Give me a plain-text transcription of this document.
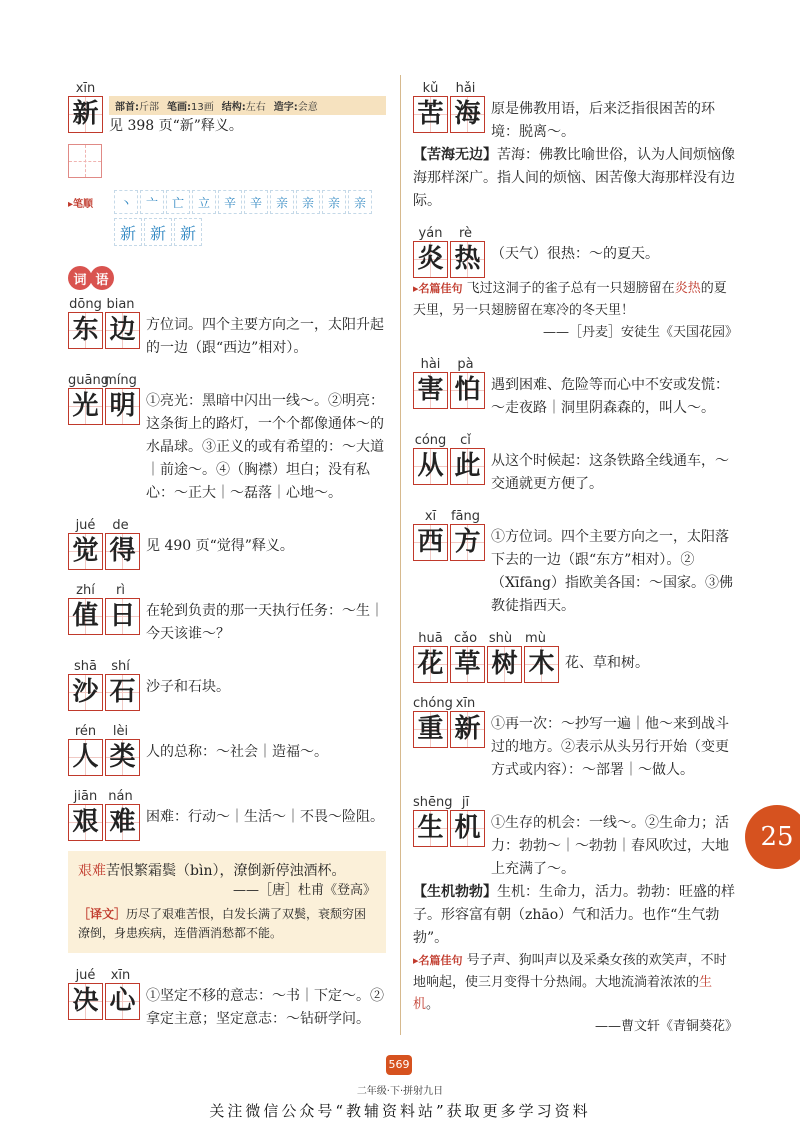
xīn
新	部首:斤部 笔画:13画 结构:左右 造字:会意
见 398 页“新”释义。
▸笔顺	丶	亠	亡	立	辛	辛	亲	亲	亲	亲
新 新 新
词 语
dōng bian
东 边 方位词。四个主要方向之一，太阳升起的一边（跟“西边”相对）。
guāng
míng
光 明 ①亮光：黑暗中闪出一线～。②明亮：这条街上的路灯，一个个都像通体～的水晶球。③正义的或有希望的：～大道｜前途～。④（胸襟）坦白；没有私心：～正大｜～磊落｜心地～。
jué	de
觉 得 见 490 页“觉得”释义。
zhí	rì
值 日 在轮到负责的那一天执行任务：～生｜今天该谁～？
shā	shí
沙 石 沙子和石块。
rén	lèi
人 类 人的总称：～社会｜造福～。
jiān nán
艰 难 困难：行动～｜生活～｜不畏～险阻。
艰难苦恨繁霜鬓（bìn），潦倒新停浊酒杯。
——［唐］杜甫《登高》
［译文］历尽了艰难苦恨，白发长满了双鬓，衰颓穷困潦倒，身患疾病，连借酒消愁都不能。
jué	xīn
决 心 ①坚定不移的意志：～书｜下定～。②拿定主意；坚定意志：～钻研学问。
kǔ	hǎi
苦 海 原是佛教用语，后来泛指很困苦的环境：脱离～。
【苦海无边】苦海：佛教比喻世俗，认为人间烦恼像海那样深广。指人间的烦恼、困苦像大海那样没有边际。
yán	rè
炎 热 （天气）很热：～的夏天。
▸名篇佳句 飞过这洞子的雀子总有一只翅膀留在炎热的夏天里，另一只翅膀留在寒冷的冬天里！
——［丹麦］安徒生《天国花园》
hài	pà
害 怕 遇到困难、危险等而心中不安或发慌：～走夜路｜洞里阴森森的，叫人～。
cóng	cǐ
从 此 从这个时候起：这条铁路全线通车，～交通就更方便了。
xī	fāng
西 方 ①方位词。四个主要方向之一，太阳落下去的一边（跟“东方”相对）。②（Xīfāng）指欧美各国：～国家。③佛教徒指西天。
huā cǎo shù mù
花 草 树 木 花、草和树。
chóng xīn
重 新 ①再一次：～抄写一遍｜他～来到战斗过的地方。②表示从头另行开始（变更方式或内容）：～部署｜～做人。
shēng jī
生 机 ①生存的机会：一线～。②生命力；活力：勃勃～｜～勃勃｜春风吹过，大地上充满了～。
【生机勃勃】生机：生命力，活力。勃勃：旺盛的样子。形容富有朝（zhāo）气和活力。也作“生气勃勃”。
▸名篇佳句 号子声、狗叫声以及采桑女孩的欢笑声，不时地响起，使三月变得十分热闹。大地流淌着浓浓的生机。
——曹文轩《青铜葵花》
25
569
二年级·下·拼射九日
关注微信公众号“教辅资料站”获取更多学习资料
